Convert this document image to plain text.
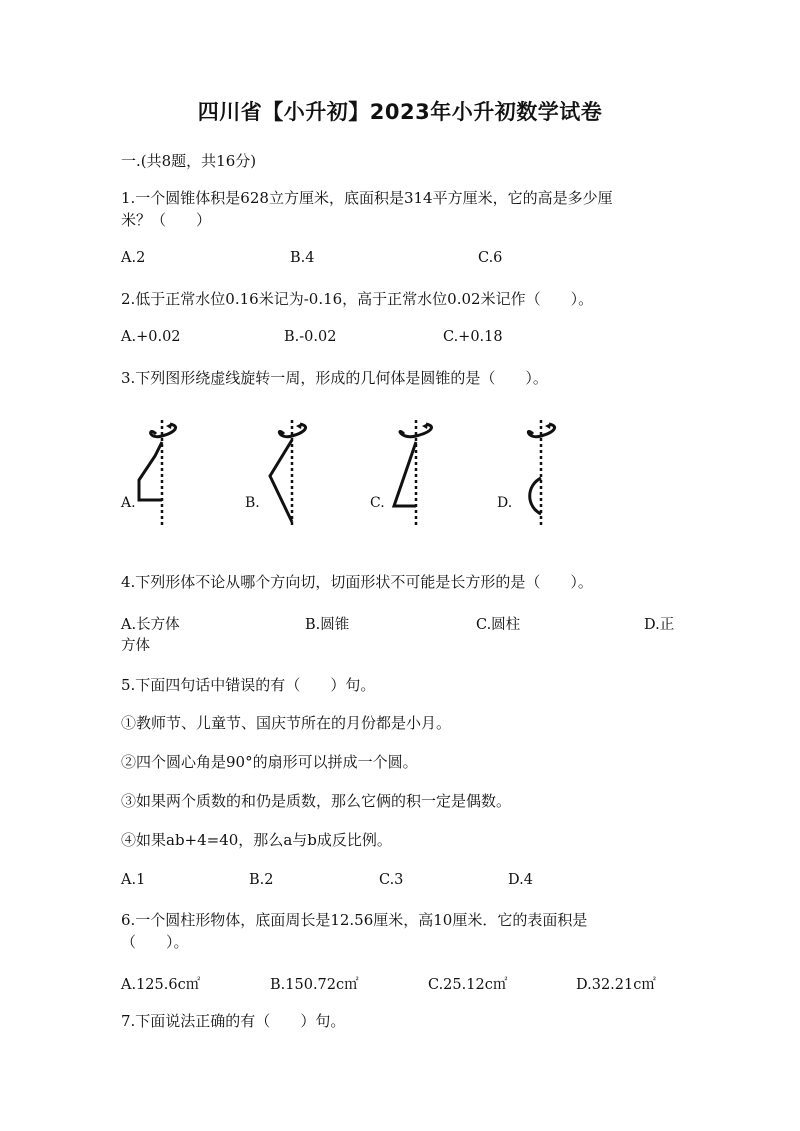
四川省【小升初】2023年小升初数学试卷
一.(共8题，共16分)
1.一个圆锥体积是628立方厘米，底面积是314平方厘米，它的高是多少厘
米？（　　）
A.2	B.4	C.6
2.低于正常水位0.16米记为-0.16，高于正常水位0.02米记作（　　）。
A.+0.02	B.-0.02	C.+0.18
3.下列图形绕虚线旋转一周，形成的几何体是圆锥的是（　　）。
A.	B.	C.	D.
4.下列形体不论从哪个方向切，切面形状不可能是长方形的是（　　）。
A.长方体	B.圆锥	C.圆柱	D.正
方体
5.下面四句话中错误的有（　　）句。
①教师节、儿童节、国庆节所在的月份都是小月。
②四个圆心角是90°的扇形可以拼成一个圆。
③如果两个质数的和仍是质数，那么它俩的积一定是偶数。
④如果ab+4=40，那么a与b成反比例。
A.1	B.2	C.3	D.4
6.一个圆柱形物体，底面周长是12.56厘米，高10厘米．它的表面积是
（　　）。
A.125.6c㎡	B.150.72c㎡	C.25.12c㎡	D.32.21c㎡
7.下面说法正确的有（　　）句。
